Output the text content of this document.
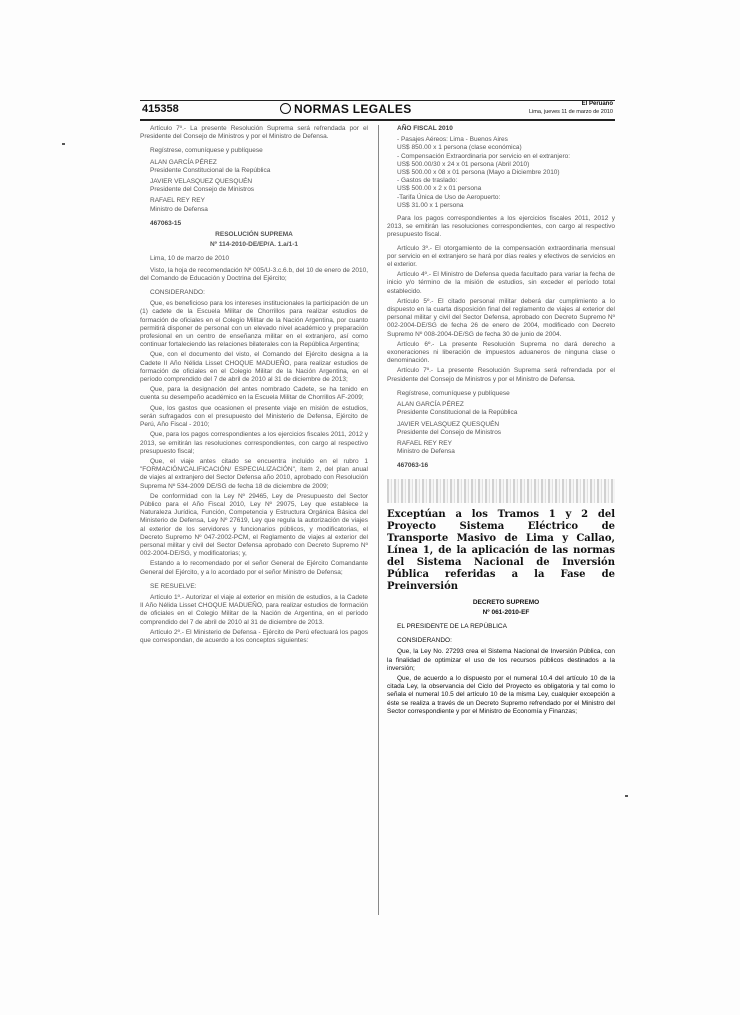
415358	NORMAS LEGALES	El Peruano
Lima, jueves 11 de marzo de 2010

Artículo 7º.- La presente Resolución Suprema será refrendada por el Presidente del Consejo de Ministros y por el Ministro de Defensa.

Regístrese, comuníquese y publíquese

ALAN GARCÍA PÉREZ
Presidente Constitucional de la República
JAVIER VELASQUEZ QUESQUÉN
Presidente del Consejo de Ministros
RAFAEL REY REY
Ministro de Defensa

467063-15

RESOLUCIÓN SUPREMA

Nº 114-2010-DE/EP/A. 1.a/1-1

Lima, 10 de marzo de 2010

Visto, la hoja de recomendación Nº 005/U-3.c.6.b, del 10 de enero de 2010, del Comando de Educación y Doctrina del Ejército;

CONSIDERANDO:

Que, es beneficioso para los intereses institucionales la participación de un (1) cadete de la Escuela Militar de Chorrillos para realizar estudios de formación de oficiales en el Colegio Militar de la Nación Argentina, por cuanto permitirá disponer de personal con un elevado nivel académico y preparación profesional en un centro de enseñanza militar en el extranjero, así como continuar fortaleciendo las relaciones bilaterales con la República Argentina;

Que, con el documento del visto, el Comando del Ejército designa a la Cadete II Año Nélida Lisset CHOQUE MADUEÑO, para realizar estudios de formación de oficiales en el Colegio Militar de la Nación Argentina, en el período comprendido del 7 de abril de 2010 al 31 de diciembre de 2013;

Que, para la designación del antes nombrado Cadete, se ha tenido en cuenta su desempeño académico en la Escuela Militar de Chorrillos AF-2009;

Que, los gastos que ocasionen el presente viaje en misión de estudios, serán sufragados con el presupuesto del Ministerio de Defensa, Ejército de Perú, Año Fiscal - 2010;

Que, para los pagos correspondientes a los ejercicios fiscales 2011, 2012 y 2013, se emitirán las resoluciones correspondientes, con cargo al respectivo presupuesto fiscal;

Que, el viaje antes citado se encuentra incluido en el rubro 1 "FORMACIÓN/CALIFICACIÓN/ ESPECIALIZACIÓN", ítem 2, del plan anual de viajes al extranjero del Sector Defensa año 2010, aprobado con Resolución Suprema Nº 534-2009 DE/SG de fecha 18 de diciembre de 2009;

De conformidad con la Ley Nº 29465, Ley de Presupuesto del Sector Público para el Año Fiscal 2010, Ley Nº 29075, Ley que establece la Naturaleza Jurídica, Función, Competencia y Estructura Orgánica Básica del Ministerio de Defensa, Ley Nº 27619, Ley que regula la autorización de viajes al exterior de los servidores y funcionarios públicos, y modificatorias, el Decreto Supremo Nº 047-2002-PCM, el Reglamento de viajes al exterior del personal militar y civil del Sector Defensa aprobado con Decreto Supremo Nº 002-2004-DE/SG, y modificatorias; y,

Estando a lo recomendado por el señor General de Ejército Comandante General del Ejército, y a lo acordado por el señor Ministro de Defensa;

SE RESUELVE:

Artículo 1º.- Autorizar el viaje al exterior en misión de estudios, a la Cadete II Año Nélida Lisset CHOQUE MADUEÑO, para realizar estudios de formación de oficiales en el Colegio Militar de la Nación de Argentina, en el período comprendido del 7 de abril de 2010 al 31 de diciembre de 2013.

Artículo 2º.- El Ministerio de Defensa - Ejército de Perú efectuará los pagos que correspondan, de acuerdo a los conceptos siguientes:

AÑO FISCAL 2010

- Pasajes Aéreos: Lima - Buenos Aires
US$ 850.00 x 1 persona (clase económica)
- Compensación Extraordinaria por servicio en el extranjero:
US$ 500.00/30 x 24 x 01 persona (Abril 2010)
US$ 500.00 x 08 x 01 persona (Mayo a Diciembre 2010)
- Gastos de traslado:
US$ 500.00 x 2 x 01 persona
-Tarifa Única de Uso de Aeropuerto:
US$ 31.00 x 1 persona

Para los pagos correspondientes a los ejercicios fiscales 2011, 2012 y 2013, se emitirán las resoluciones correspondientes, con cargo al respectivo presupuesto fiscal.

Artículo 3º.- El otorgamiento de la compensación extraordinaria mensual por servicio en el extranjero se hará por días reales y efectivos de servicios en el exterior.

Artículo 4º.- El Ministro de Defensa queda facultado para variar la fecha de inicio y/o término de la misión de estudios, sin exceder el período total establecido.

Artículo 5º.- El citado personal militar deberá dar cumplimiento a lo dispuesto en la cuarta disposición final del reglamento de viajes al exterior del personal militar y civil del Sector Defensa, aprobado con Decreto Supremo Nº 002-2004-DE/SG de fecha 26 de enero de 2004, modificado con Decreto Supremo Nº 008-2004-DE/SG de fecha 30 de junio de 2004.

Artículo 6º.- La presente Resolución Suprema no dará derecho a exoneraciones ni liberación de impuestos aduaneros de ninguna clase o denominación.

Artículo 7º.- La presente Resolución Suprema será refrendada por el Presidente del Consejo de Ministros y por el Ministro de Defensa.

Regístrese, comuníquese y publíquese

ALAN GARCÍA PÉREZ
Presidente Constitucional de la República
JAVIER VELASQUEZ QUESQUÉN
Presidente del Consejo de Ministros
RAFAEL REY REY
Ministro de Defensa

467063-16

Exceptúan a los Tramos 1 y 2 del Proyecto Sistema Eléctrico de Transporte Masivo de Lima y Callao, Línea 1, de la aplicación de las normas del Sistema Nacional de Inversión Pública referidas a la Fase de Preinversión

DECRETO SUPREMO

Nº 061-2010-EF

EL PRESIDENTE DE LA REPÚBLICA

CONSIDERANDO:

Que, la Ley No. 27293 crea el Sistema Nacional de Inversión Pública, con la finalidad de optimizar el uso de los recursos públicos destinados a la inversión;

Que, de acuerdo a lo dispuesto por el numeral 10.4 del artículo 10 de la citada Ley, la observancia del Ciclo del Proyecto es obligatoria y tal como lo señala el numeral 10.5 del artículo 10 de la misma Ley, cualquier excepción a éste se realiza a través de un Decreto Supremo refrendado por el Ministro del Sector correspondiente y por el Ministro de Economía y Finanzas;
